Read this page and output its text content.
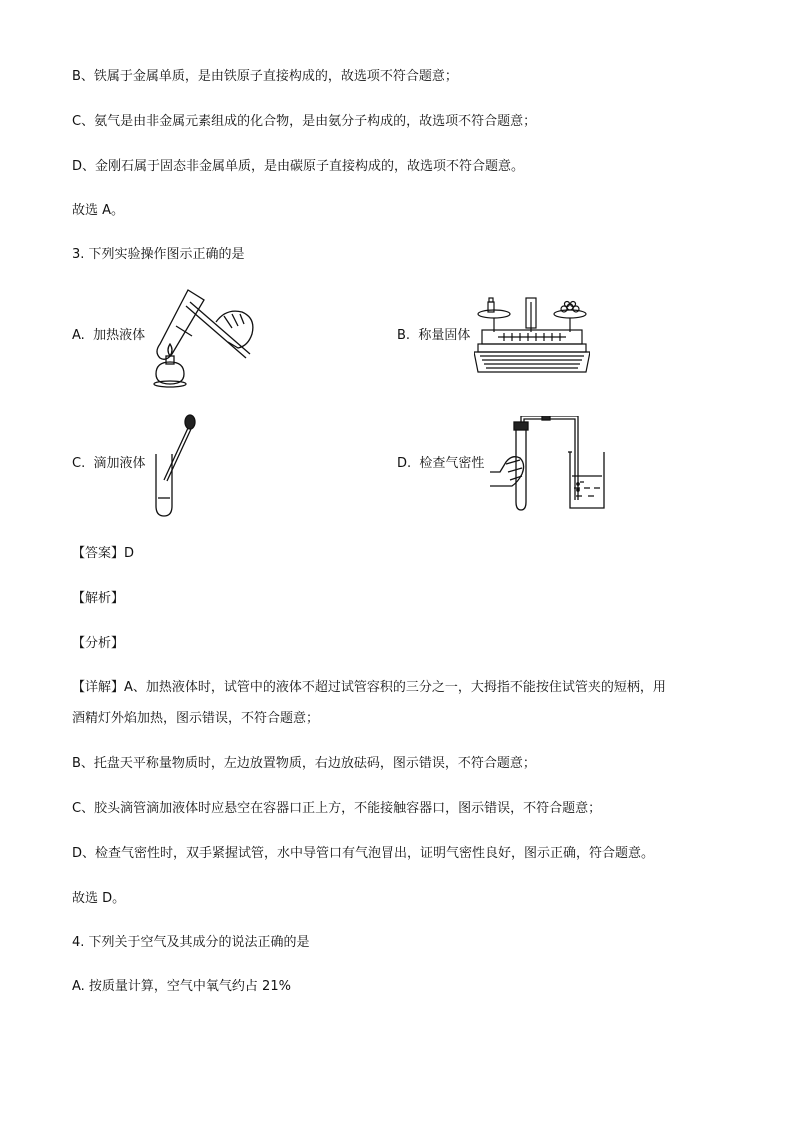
B、铁属于金属单质，是由铁原子直接构成的，故选项不符合题意；
C、氨气是由非金属元素组成的化合物，是由氨分子构成的，故选项不符合题意；
D、金刚石属于固态非金属单质，是由碳原子直接构成的，故选项不符合题意。
故选 A。
3. 下列实验操作图示正确的是
A. 加热液体	B. 称量固体
C. 滴加液体	D. 检查气密性
【答案】D
【解析】
【分析】
【详解】A、加热液体时，试管中的液体不超过试管容积的三分之一，大拇指不能按住试管夹的短柄，用
酒精灯外焰加热，图示错误，不符合题意；
B、托盘天平称量物质时，左边放置物质，右边放砝码，图示错误，不符合题意；
C、胶头滴管滴加液体时应悬空在容器口正上方，不能接触容器口，图示错误，不符合题意；
D、检查气密性时，双手紧握试管，水中导管口有气泡冒出，证明气密性良好，图示正确，符合题意。
故选 D。
4. 下列关于空气及其成分的说法正确的是
A. 按质量计算，空气中氧气约占 21%
